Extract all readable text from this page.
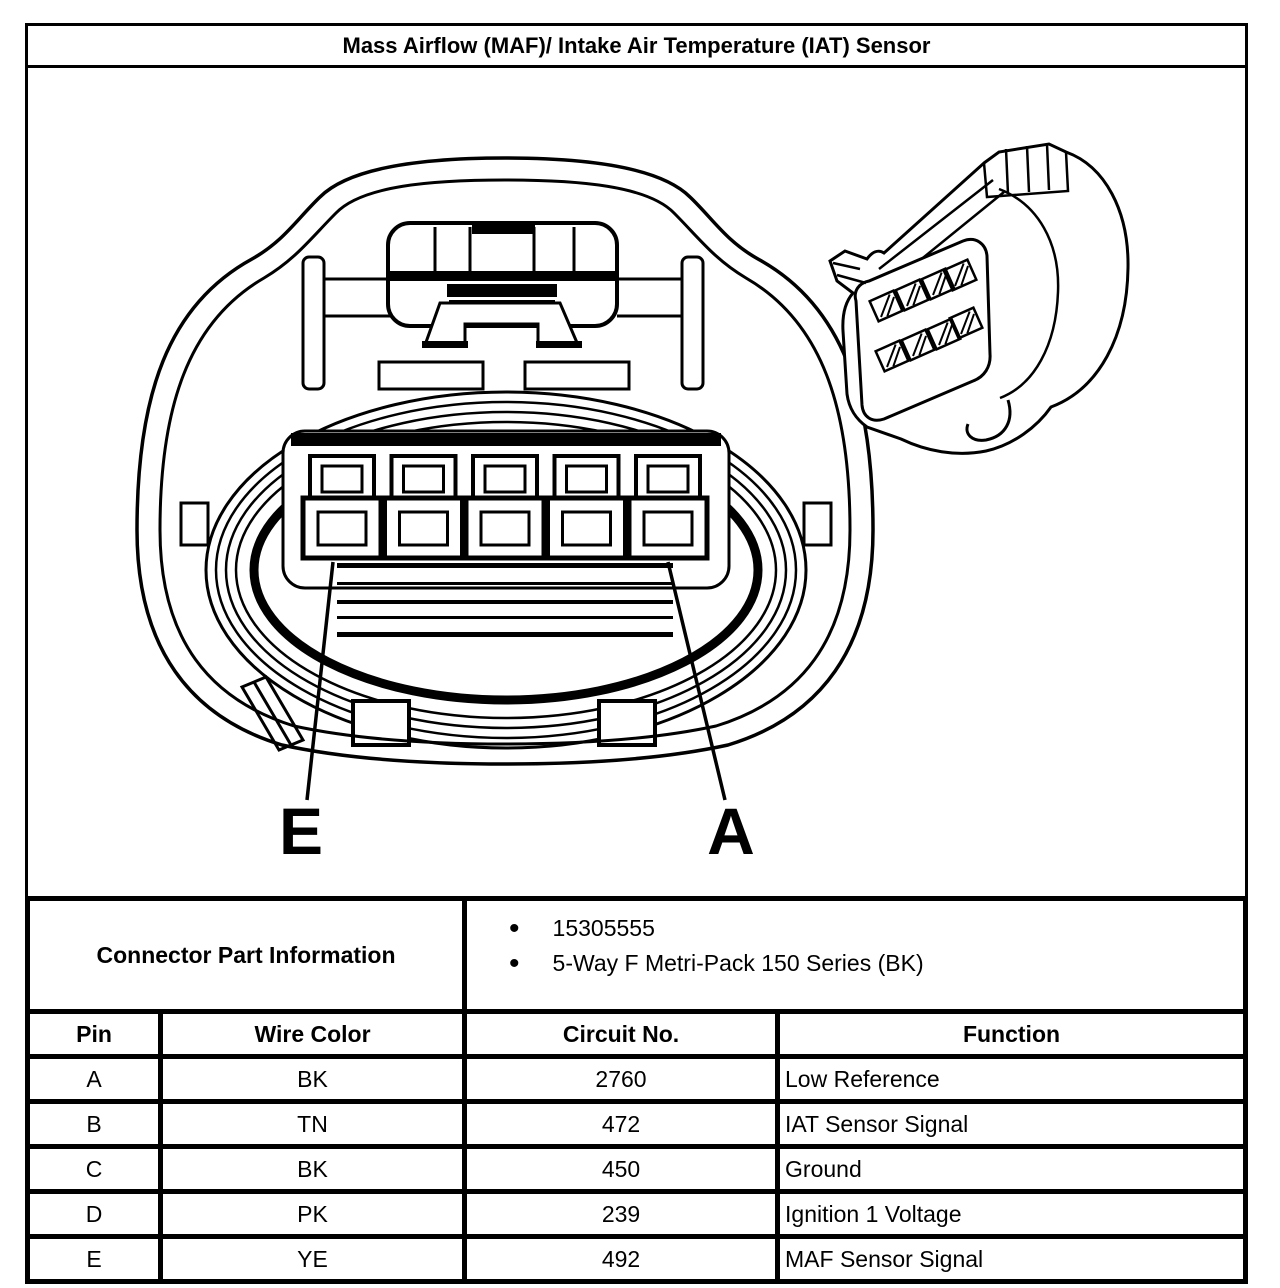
Mass Airflow (MAF)/ Intake Air Temperature (IAT) Sensor
E	A
Connector Part Information		• 15305555
• 5-Way F Metri-Pack 150 Series (BK)	

Pin	Wire Color	Circuit No.	Function
A	BK	2760	Low Reference
B	TN	472	IAT Sensor Signal
C	BK	450	Ground
D	PK	239	Ignition 1 Voltage
E	YE	492	MAF Sensor Signal
